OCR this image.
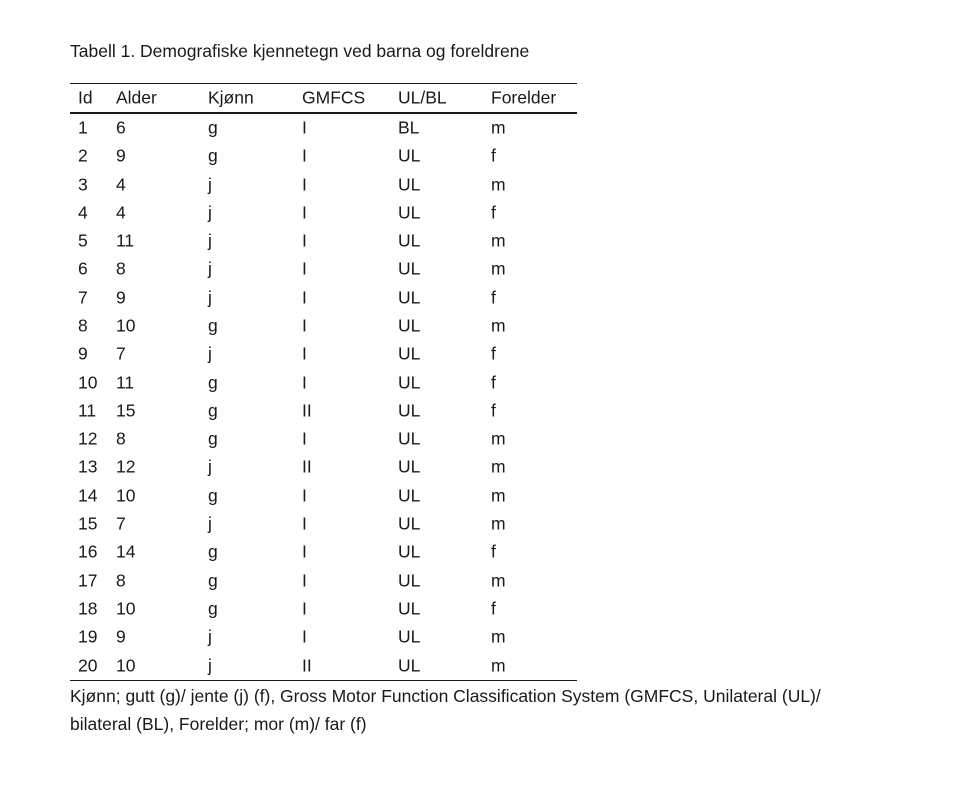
Tabell 1. Demografiske kjennetegn ved barna og foreldrene
Id Alder	Kjønn	GMFCS UL/BL	Forelder
1 6	g	I	BL	m
2 9	g	I	UL	f
3 4	j	I	UL	m
4 4	j	I	UL	f
5 11	j	I	UL	m
6 8	j	I	UL	m
7 9	j	I	UL	f
8 10	g	I	UL	m
9 7	j	I	UL	f
10 11	g	I	UL	f
11 15	g	II	UL	f
12 8	g	I	UL	m
13 12	j	II	UL	m
14 10	g	I	UL	m
15 7	j	I	UL	m
16 14	g	I	UL	f
17 8	g	I	UL	m
18 10	g	I	UL	f
19 9	j	I	UL	m
20 10	j	II	UL	m
Kjønn; gutt (g)/ jente (j) (f), Gross Motor Function Classification System (GMFCS, Unilateral (UL)/
bilateral (BL), Forelder; mor (m)/ far (f)
